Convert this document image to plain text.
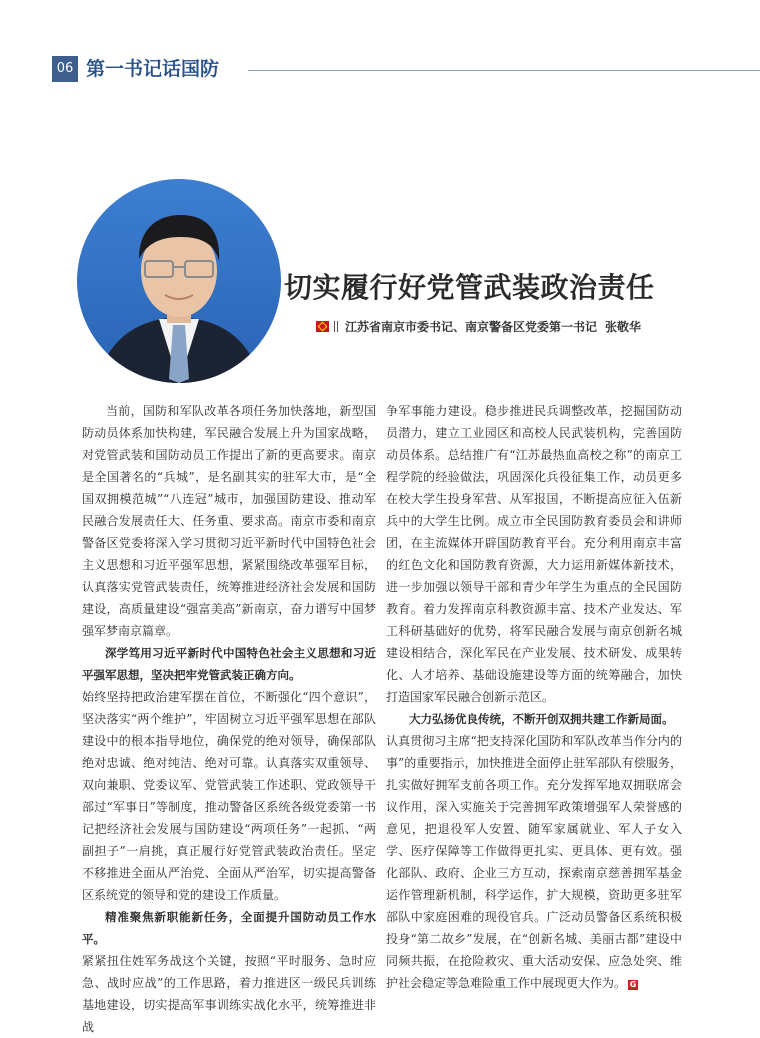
06 第一书记话国防
切实履行好党管武装政治责任
江苏省南京市委书记、南京警备区党委第一书记 张敬华

当前，国防和军队改革各项任务加快落地，新型国防动员体系加快构建，军民融合发展上升为国家战略，对党管武装和国防动员工作提出了新的更高要求。南京是全国著名的“兵城”，是名副其实的驻军大市，是“全国双拥模范城”“八连冠”城市，加强国防建设、推动军民融合发展责任大、任务重、要求高。南京市委和南京警备区党委将深入学习贯彻习近平新时代中国特色社会主义思想和习近平强军思想，紧紧围绕改革强军目标，认真落实党管武装责任，统筹推进经济社会发展和国防建设，高质量建设“强富美高”新南京，奋力谱写中国梦强军梦南京篇章。

深学笃用习近平新时代中国特色社会主义思想和习近平强军思想，坚决把牢党管武装正确方向。

始终坚持把政治建军摆在首位，不断强化“四个意识”，坚决落实“两个维护”，牢固树立习近平强军思想在部队建设中的根本指导地位，确保党的绝对领导，确保部队绝对忠诚、绝对纯洁、绝对可靠。认真落实双重领导、双向兼职、党委议军、党管武装工作述职、党政领导干部过“军事日”等制度，推动警备区系统各级党委第一书记把经济社会发展与国防建设“两项任务”一起抓、“两副担子”一肩挑，真正履行好党管武装政治责任。坚定不移推进全面从严治党、全面从严治军，切实提高警备区系统党的领导和党的建设工作质量。

精准聚焦新职能新任务，全面提升国防动员工作水平。

紧紧扭住姓军务战这个关键，按照“平时服务、急时应急、战时应战”的工作思路，着力推进区一级民兵训练基地建设，切实提高军事训练实战化水平，统筹推进非战

争军事能力建设。稳步推进民兵调整改革，挖掘国防动员潜力，建立工业园区和高校人民武装机构，完善国防动员体系。总结推广有“江苏最热血高校之称”的南京工程学院的经验做法，巩固深化兵役征集工作，动员更多在校大学生投身军营、从军报国，不断提高应征入伍新兵中的大学生比例。成立市全民国防教育委员会和讲师团，在主流媒体开辟国防教育平台。充分利用南京丰富的红色文化和国防教育资源，大力运用新媒体新技术，进一步加强以领导干部和青少年学生为重点的全民国防教育。着力发挥南京科教资源丰富、技术产业发达、军工科研基础好的优势，将军民融合发展与南京创新名城建设相结合，深化军民在产业发展、技术研发、成果转化、人才培养、基础设施建设等方面的统筹融合，加快打造国家军民融合创新示范区。

大力弘扬优良传统，不断开创双拥共建工作新局面。

认真贯彻习主席“把支持深化国防和军队改革当作分内的事”的重要指示，加快推进全面停止驻军部队有偿服务，扎实做好拥军支前各项工作。充分发挥军地双拥联席会议作用，深入实施关于完善拥军政策增强军人荣誉感的意见，把退役军人安置、随军家属就业、军人子女入学、医疗保障等工作做得更扎实、更具体、更有效。强化部队、政府、企业三方互动，探索南京慈善拥军基金运作管理新机制，科学运作，扩大规模，资助更多驻军部队中家庭困难的现役官兵。广泛动员警备区系统积极投身“第二故乡”发展，在“创新名城、美丽古都”建设中同频共振，在抢险救灾、重大活动安保、应急处突、维护社会稳定等急难险重工作中展现更大作为。 G
